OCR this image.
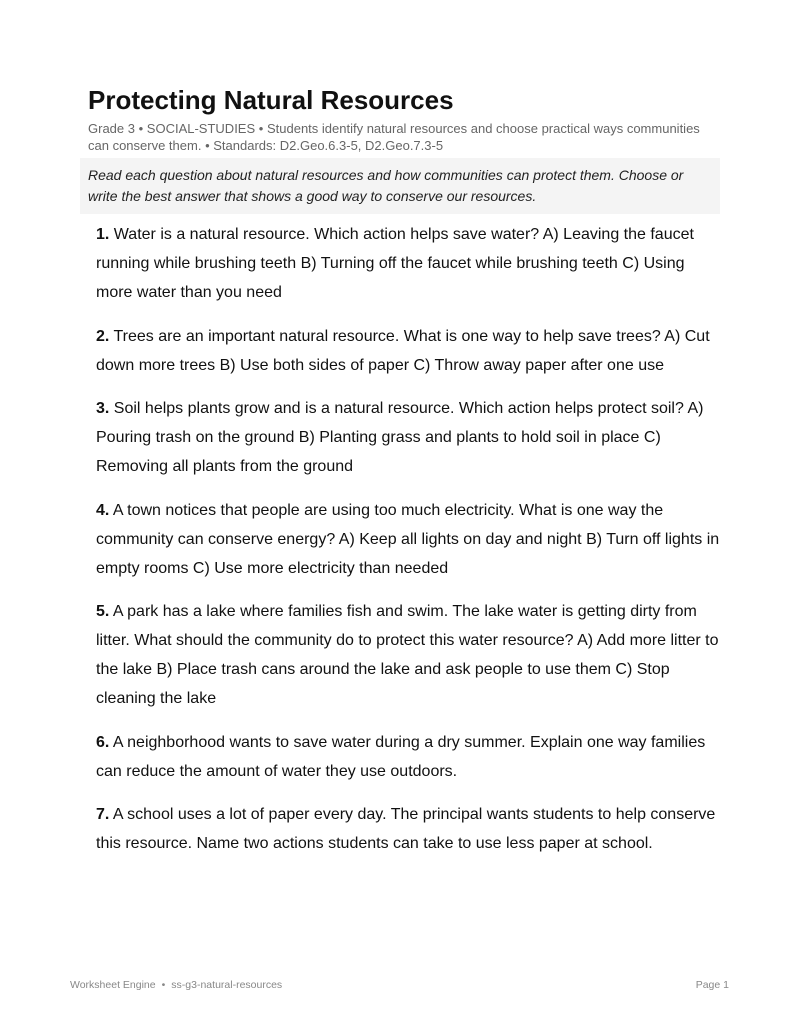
Protecting Natural Resources
Grade 3 • SOCIAL-STUDIES • Students identify natural resources and choose practical ways communities can conserve them. • Standards: D2.Geo.6.3-5, D2.Geo.7.3-5
Read each question about natural resources and how communities can protect them. Choose or write the best answer that shows a good way to conserve our resources.
1. Water is a natural resource. Which action helps save water? A) Leaving the faucet running while brushing teeth B) Turning off the faucet while brushing teeth C) Using more water than you need
2. Trees are an important natural resource. What is one way to help save trees? A) Cut down more trees B) Use both sides of paper C) Throw away paper after one use
3. Soil helps plants grow and is a natural resource. Which action helps protect soil? A) Pouring trash on the ground B) Planting grass and plants to hold soil in place C) Removing all plants from the ground
4. A town notices that people are using too much electricity. What is one way the community can conserve energy? A) Keep all lights on day and night B) Turn off lights in empty rooms C) Use more electricity than needed
5. A park has a lake where families fish and swim. The lake water is getting dirty from litter. What should the community do to protect this water resource? A) Add more litter to the lake B) Place trash cans around the lake and ask people to use them C) Stop cleaning the lake
6. A neighborhood wants to save water during a dry summer. Explain one way families can reduce the amount of water they use outdoors.
7. A school uses a lot of paper every day. The principal wants students to help conserve this resource. Name two actions students can take to use less paper at school.
Worksheet Engine • ss-g3-natural-resources	Page 1
